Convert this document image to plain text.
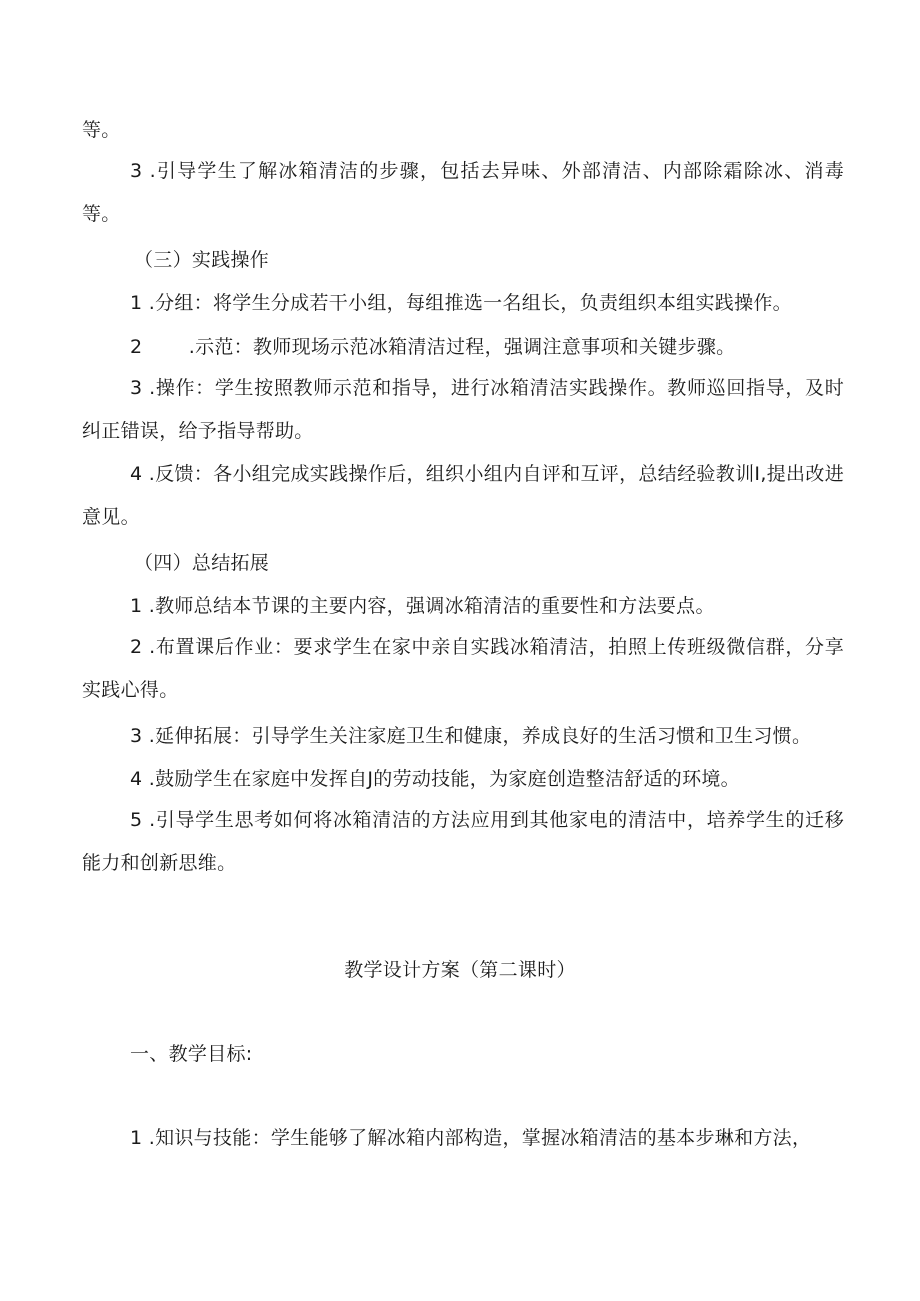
等。
3 .引导学生了解冰箱清洁的步骤，包括去异味、外部清洁、内部除霜除冰、消毒等。
（三）实践操作
1 .分组：将学生分成若干小组，每组推选一名组长，负责组织本组实践操作。
2 .示范：教师现场示范冰箱清洁过程，强调注意事项和关键步骤。
3 .操作：学生按照教师示范和指导，进行冰箱清洁实践操作。教师巡回指导，及时纠正错误，给予指导帮助。
4 .反馈：各小组完成实践操作后，组织小组内自评和互评，总结经验教训I,提出改进意见。
（四）总结拓展
1 .教师总结本节课的主要内容，强调冰箱清洁的重要性和方法要点。
2 .布置课后作业：要求学生在家中亲自实践冰箱清洁，拍照上传班级微信群，分享实践心得。
3 .延伸拓展：引导学生关注家庭卫生和健康，养成良好的生活习惯和卫生习惯。
4 .鼓励学生在家庭中发挥自J的劳动技能，为家庭创造整洁舒适的环境。
5 .引导学生思考如何将冰箱清洁的方法应用到其他家电的清洁中，培养学生的迁移能力和创新思维。
教学设计方案（第二课时）
一、教学目标:
1 .知识与技能：学生能够了解冰箱内部构造，掌握冰箱清洁的基本步琳和方法，
